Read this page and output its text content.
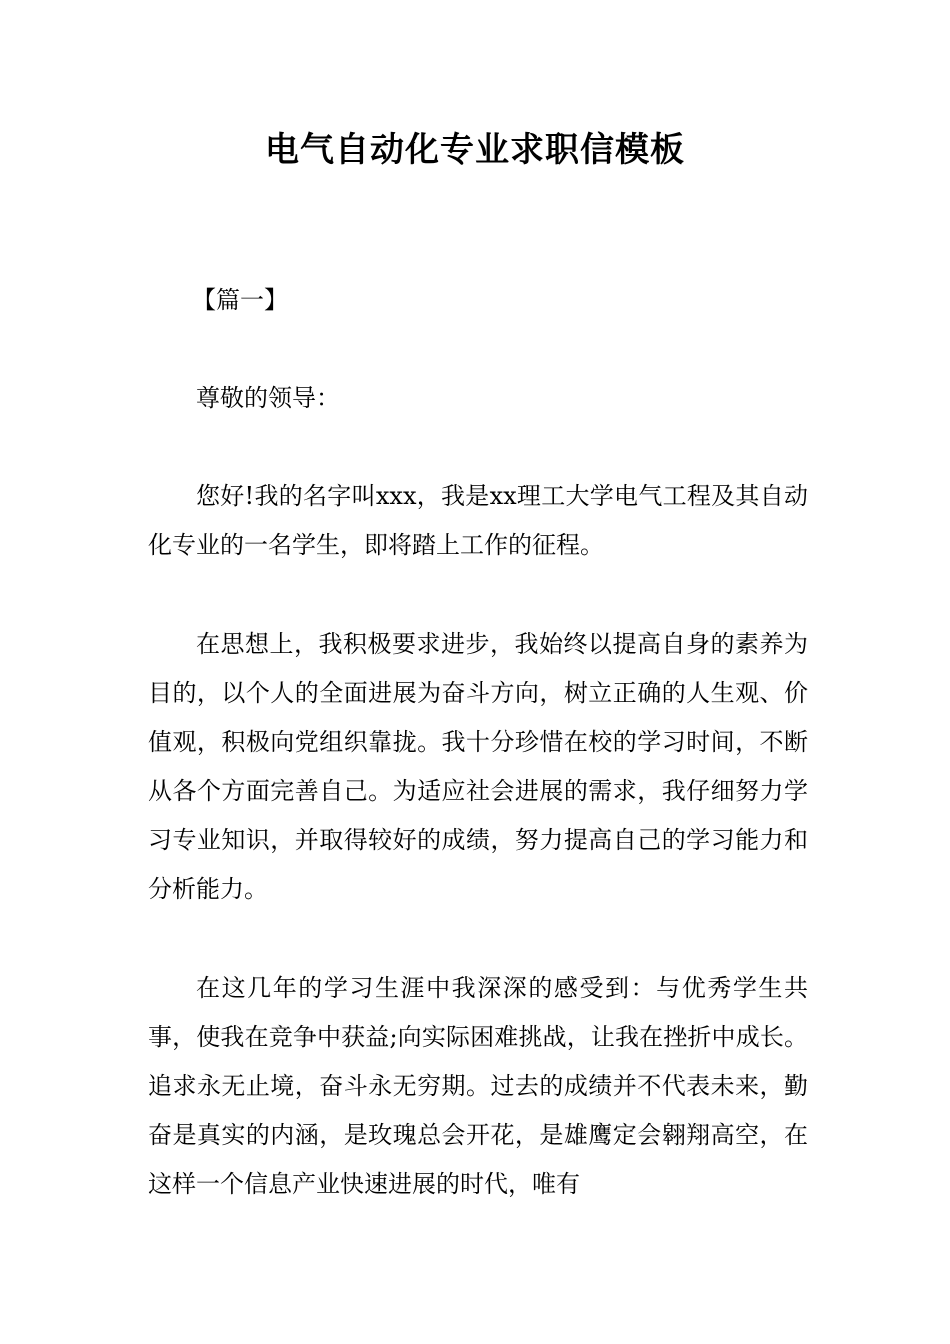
电气自动化专业求职信模板

【篇一】

尊敬的领导：

您好!我的名字叫xxx，我是xx理工大学电气工程及其自动化专业的一名学生，即将踏上工作的征程。

在思想上，我积极要求进步，我始终以提高自身的素养为目的，以个人的全面进展为奋斗方向，树立正确的人生观、价值观，积极向党组织靠拢。我十分珍惜在校的学习时间，不断从各个方面完善自己。为适应社会进展的需求，我仔细努力学习专业知识，并取得较好的成绩，努力提高自己的学习能力和分析能力。

在这几年的学习生涯中我深深的感受到：与优秀学生共事，使我在竞争中获益;向实际困难挑战，让我在挫折中成长。追求永无止境，奋斗永无穷期。过去的成绩并不代表未来，勤奋是真实的内涵，是玫瑰总会开花，是雄鹰定会翱翔高空，在这样一个信息产业快速进展的时代，唯有
